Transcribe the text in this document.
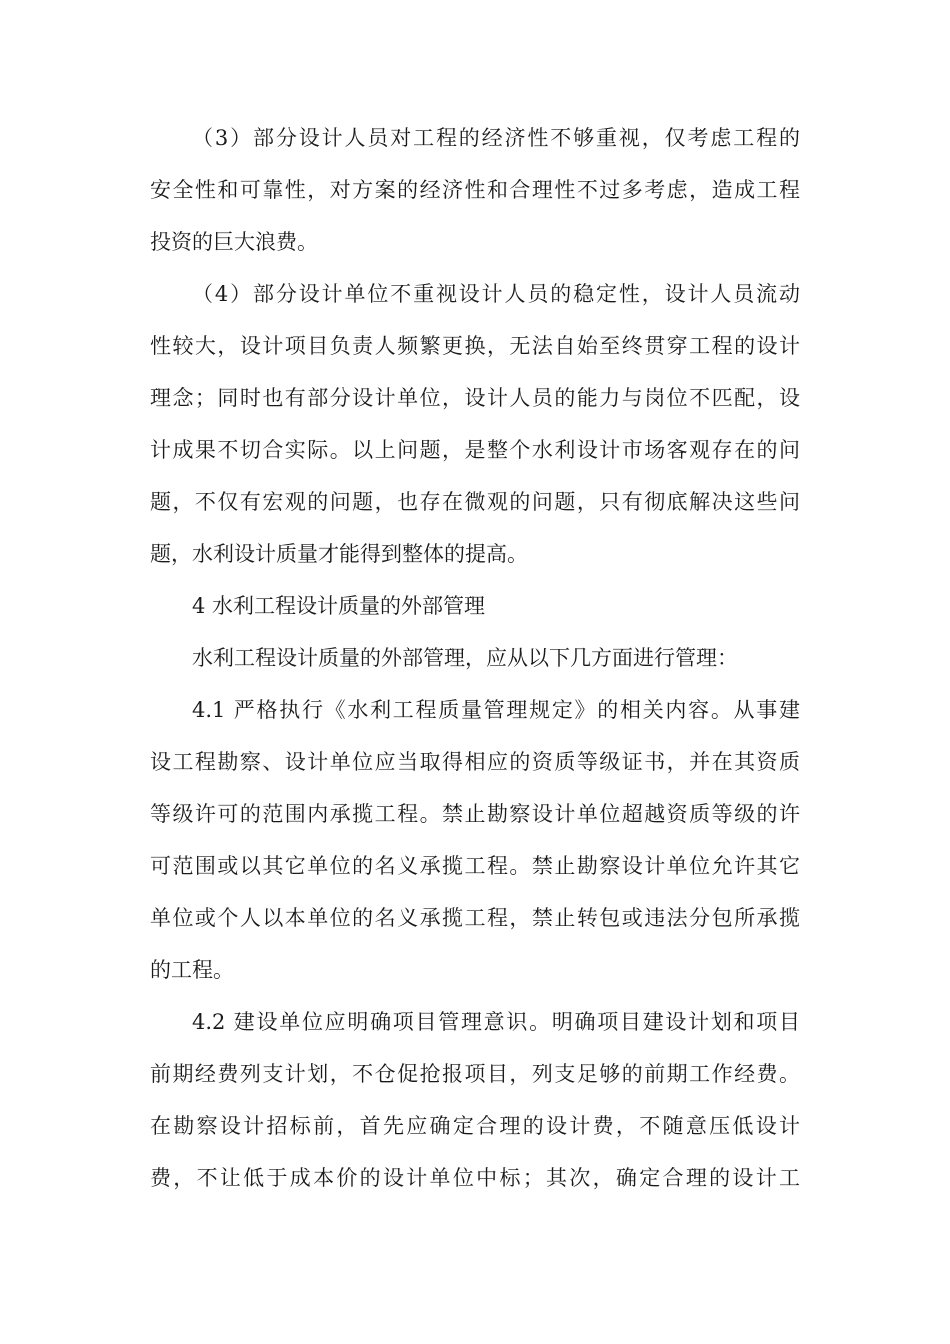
（3）部分设计人员对工程的经济性不够重视，仅考虑工程的
安全性和可靠性，对方案的经济性和合理性不过多考虑，造成工程
投资的巨大浪费。

（4）部分设计单位不重视设计人员的稳定性，设计人员流动
性较大，设计项目负责人频繁更换，无法自始至终贯穿工程的设计
理念；同时也有部分设计单位，设计人员的能力与岗位不匹配，设
计成果不切合实际。以上问题，是整个水利设计市场客观存在的问
题，不仅有宏观的问题，也存在微观的问题，只有彻底解决这些问
题，水利设计质量才能得到整体的提高。

4 水利工程设计质量的外部管理

水利工程设计质量的外部管理，应从以下几方面进行管理：

4.1 严格执行《水利工程质量管理规定》的相关内容。从事建
设工程勘察、设计单位应当取得相应的资质等级证书，并在其资质
等级许可的范围内承揽工程。禁止勘察设计单位超越资质等级的许
可范围或以其它单位的名义承揽工程。禁止勘察设计单位允许其它
单位或个人以本单位的名义承揽工程，禁止转包或违法分包所承揽
的工程。

4.2 建设单位应明确项目管理意识。明确项目建设计划和项目
前期经费列支计划，不仓促抢报项目，列支足够的前期工作经费。
在勘察设计招标前，首先应确定合理的设计费，不随意压低设计
费，不让低于成本价的设计单位中标；其次，确定合理的设计工
